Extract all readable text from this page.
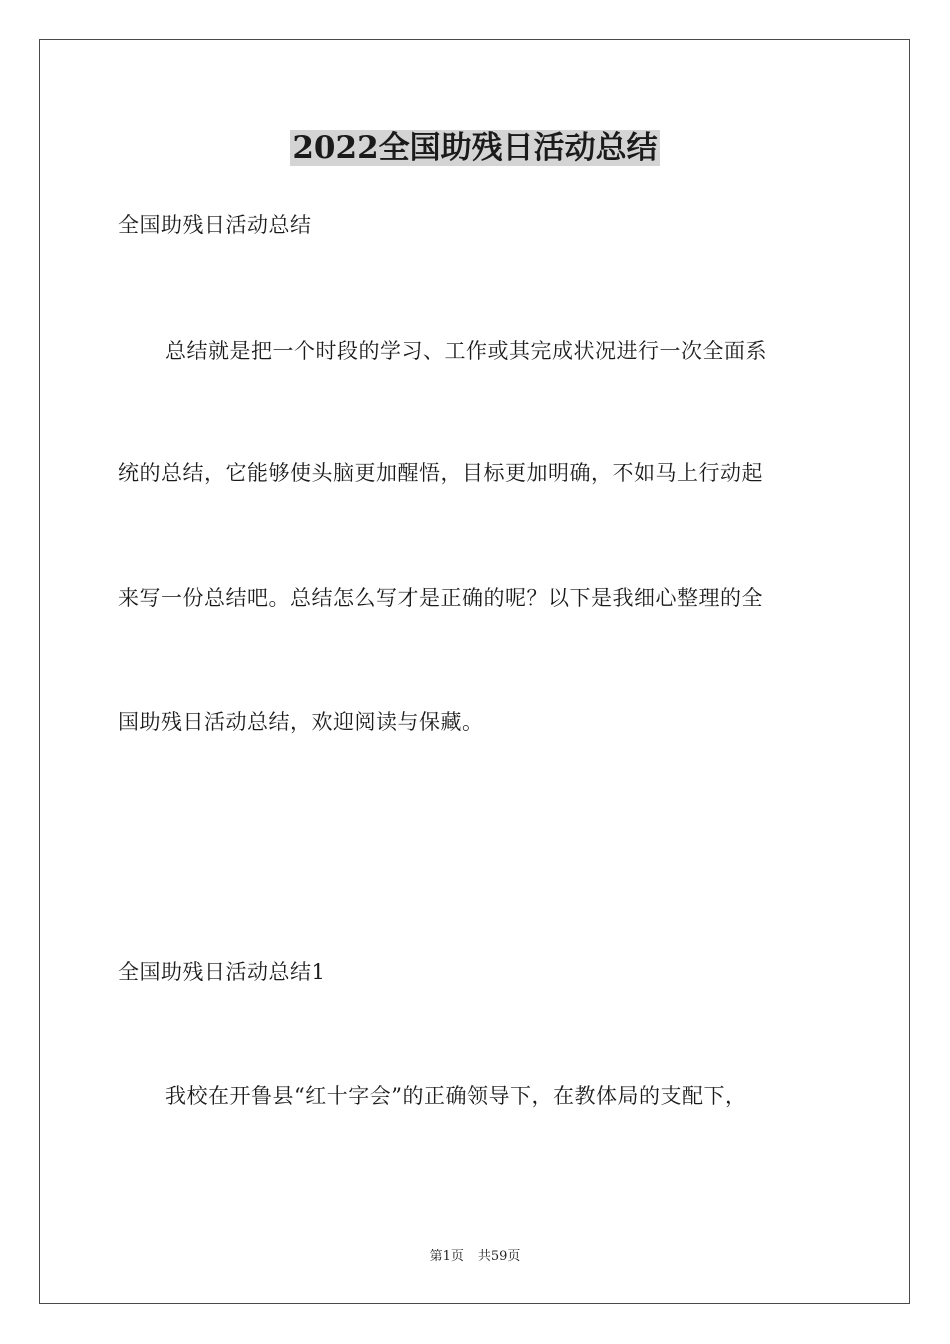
2022全国助残日活动总结
全国助残日活动总结
总结就是把一个时段的学习、工作或其完成状况进行一次全面系
统的总结，它能够使头脑更加醒悟，目标更加明确，不如马上行动起
来写一份总结吧。总结怎么写才是正确的呢？以下是我细心整理的全
国助残日活动总结，欢迎阅读与保藏。
全国助残日活动总结1
我校在开鲁县“红十字会”的正确领导下，在教体局的支配下，
第1页 共59页
